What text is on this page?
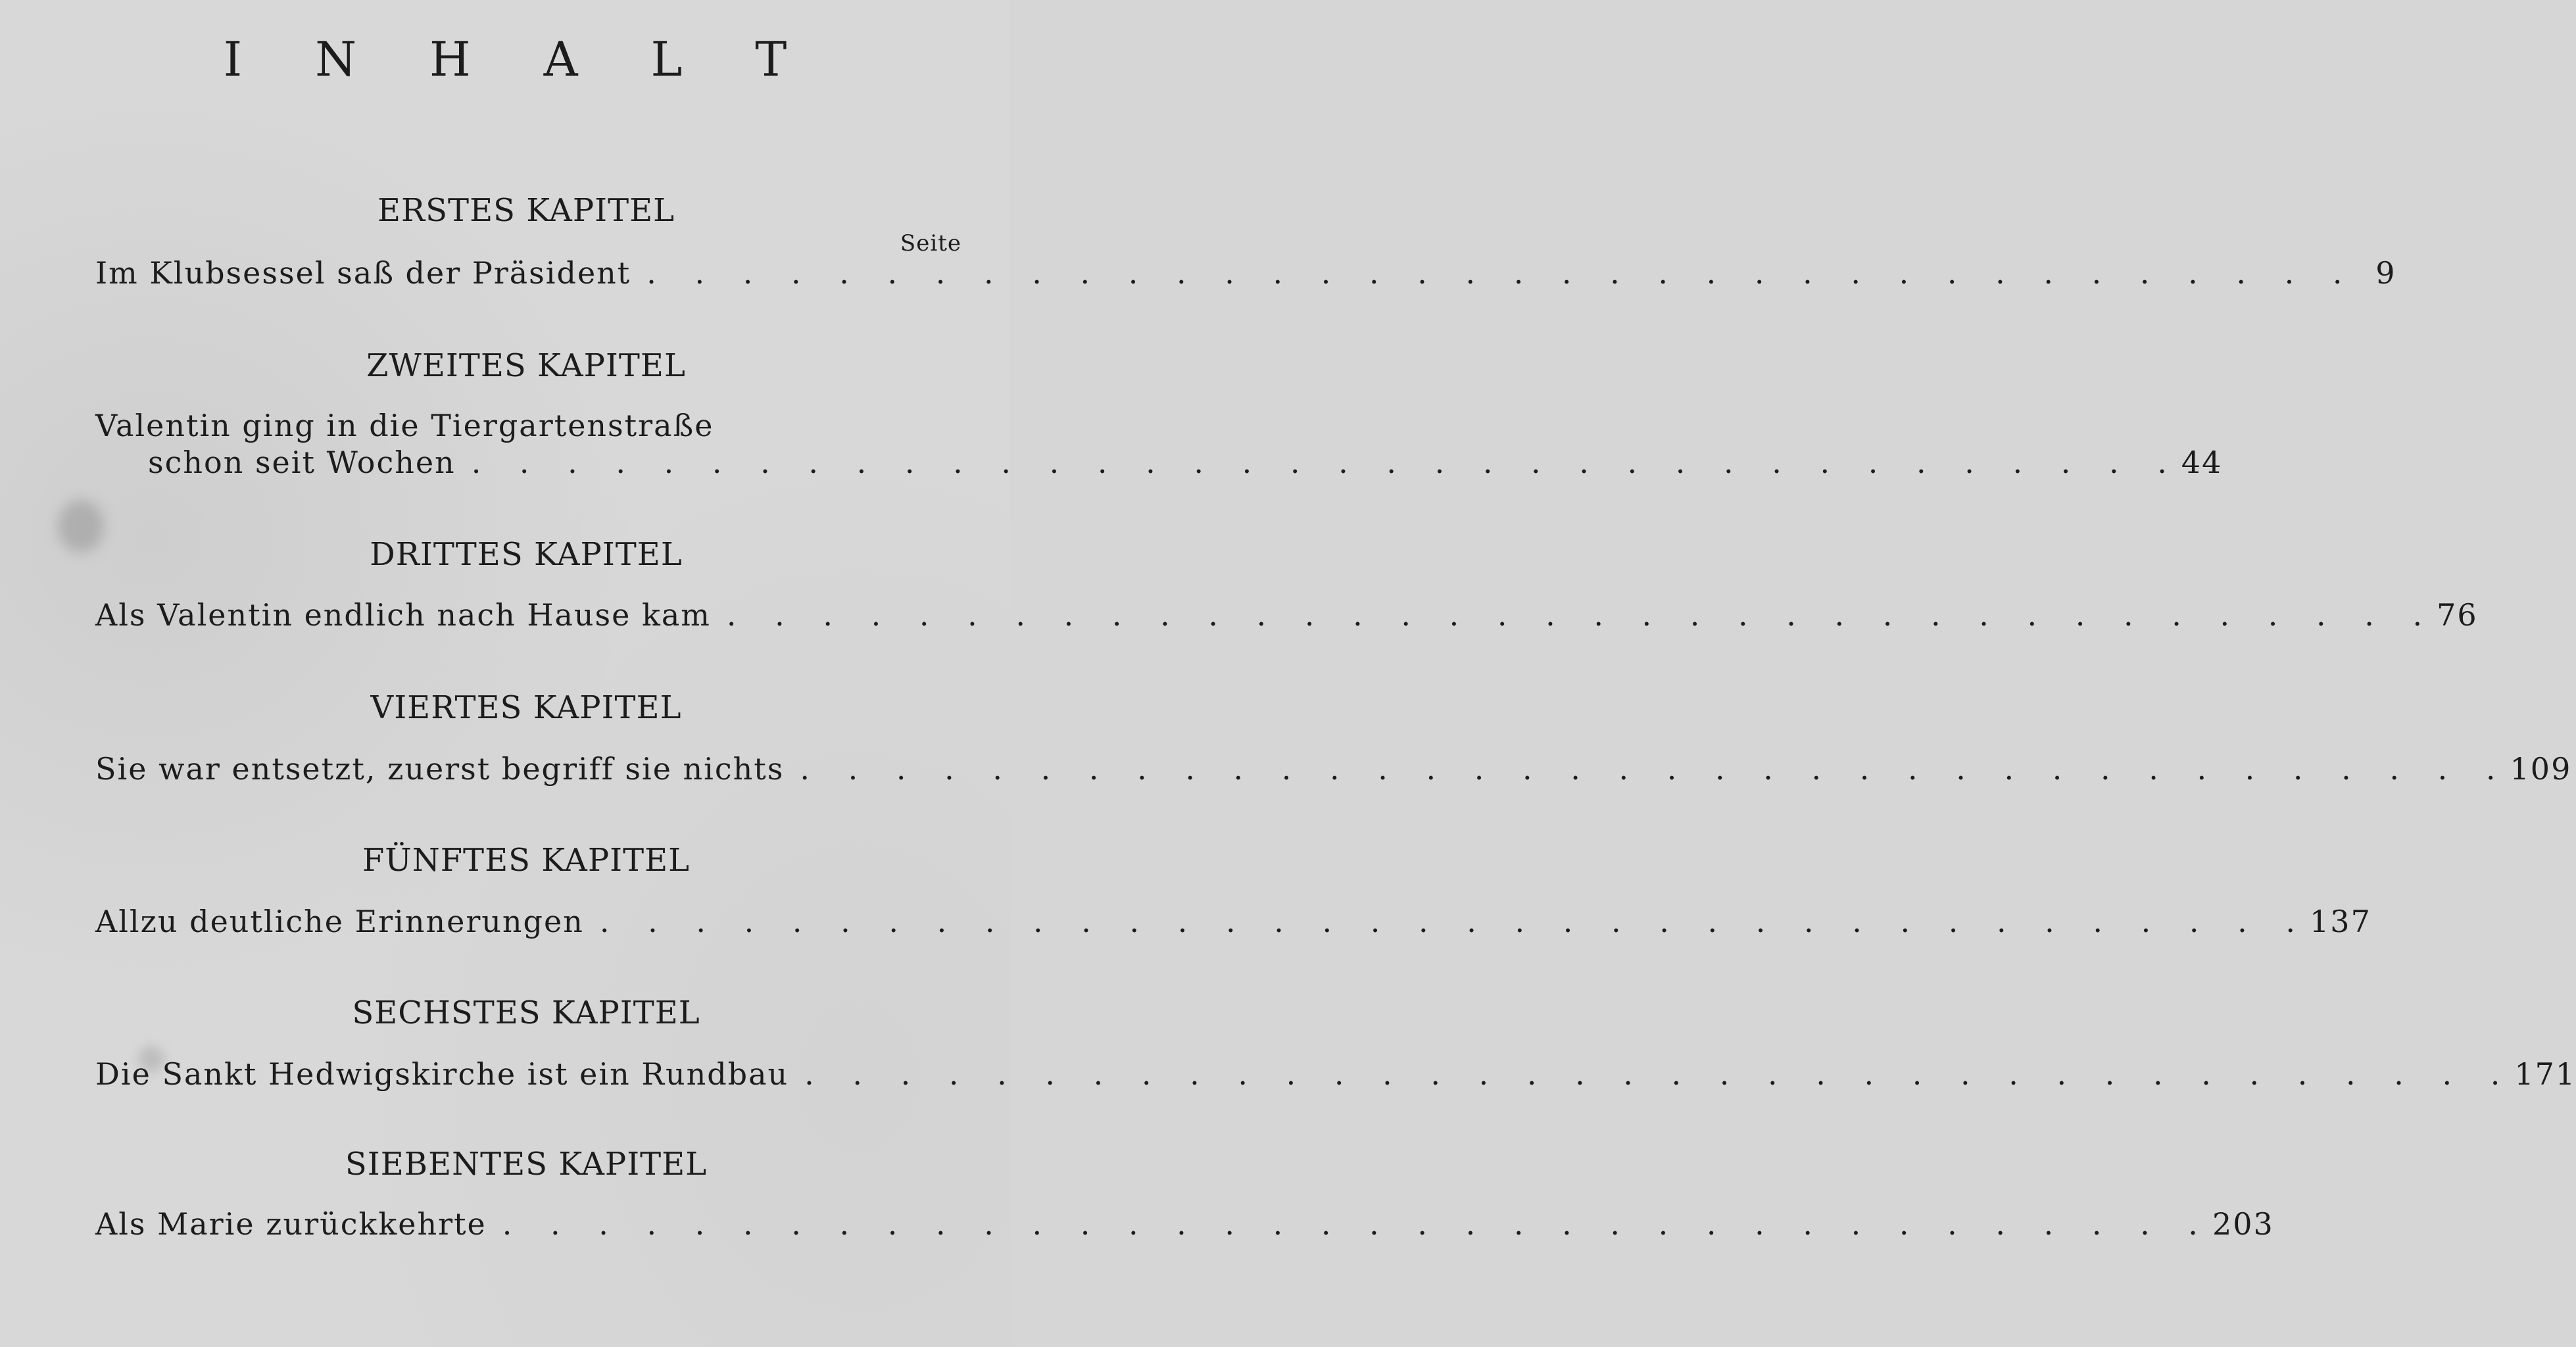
I N H A L T
ERSTES KAPITEL
Seite
Im Klubsessel saß der Präsident . . . . . . . . . . . . . . . . . . . . . . . . . . . . . . . . . . . . 9
ZWEITES KAPITEL
Valentin ging in die Tiergartenstraße
schon seit Wochen . . . . . . . . . . . . . . . . . . . . . . . . . . . . . . . . . . . . 44
DRITTES KAPITEL
Als Valentin endlich nach Hause kam . . . . . . . . . . . . . . . . . . . . . . . . . . . . . . . . . . . . 76
VIERTES KAPITEL
Sie war entsetzt, zuerst begriff sie nichts . . . . . . . . . . . . . . . . . . . . . . . . . . . . . . . . . . . . 109
FÜNFTES KAPITEL
Allzu deutliche Erinnerungen . . . . . . . . . . . . . . . . . . . . . . . . . . . . . . . . . . . . 137
SECHSTES KAPITEL
Die Sankt Hedwigskirche ist ein Rundbau . . . . . . . . . . . . . . . . . . . . . . . . . . . . . . . . . . . . 171
SIEBENTES KAPITEL
Als Marie zurückkehrte . . . . . . . . . . . . . . . . . . . . . . . . . . . . . . . . . . . . 203
